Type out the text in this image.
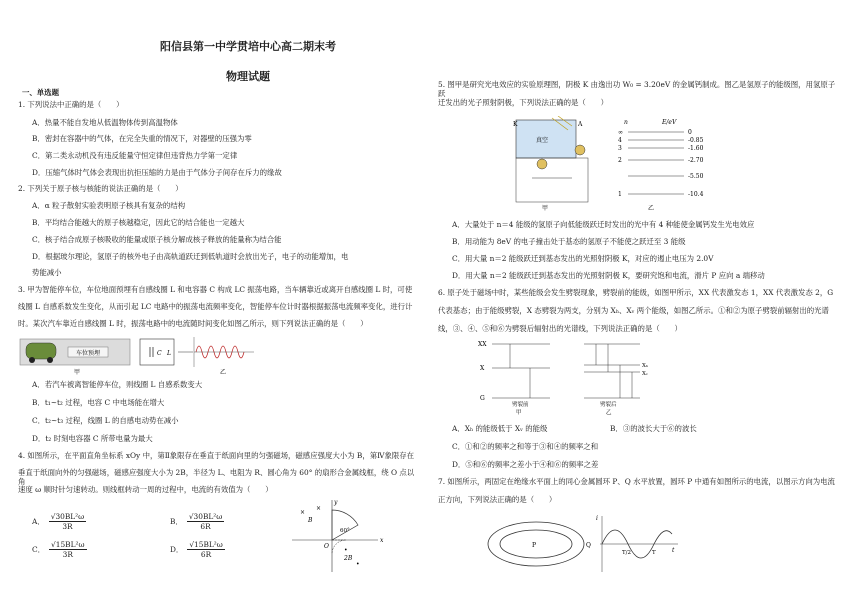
阳信县第一中学贯培中心高二期末考
物理试题
一、单选题
1. 下列说法中正确的是（　　）
A．热量不能自发地从低温物体传到高温物体
B．密封在容器中的气体，在完全失重的情况下，对器壁的压强为零
C．第二类永动机没有违反能量守恒定律但违背热力学第一定律
D．压缩气体时气体会表现出抗拒压缩的力是由于气体分子间存在斥力的缘故
2. 下列关于原子核与核能的说法正确的是（　　）
A．α 粒子散射实验表明原子核具有复杂的结构
B．平均结合能越大的原子核越稳定，因此它的结合能也一定越大
C．核子结合成原子核吸收的能量或原子核分解成核子释放的能量称为结合能
D．根据玻尔理论，氢原子的核外电子由高轨道跃迁到低轨道时会放出光子，电子的动能增加，电
势能减小
3. 甲为智能停车位，车位地面预埋有自感线圈 L 和电容器 C 构成 LC 振荡电路，当车辆靠近或离开自感线圈 L 时，可使
线圈 L 自感系数发生变化，从而引起 LC 电路中的振荡电流频率变化，智能停车位计时器根据振荡电流频率变化，进行计
时。某次汽车靠近自感线圈 L 时，振荡电路中的电流随时间变化如图乙所示，则下列说法正确的是（　　）
车位预埋	C L
甲	乙
A．若汽车被离智能停车位，则线圈 L 自感系数变大
B．t₁~t₂ 过程，电容 C 中电场能在增大
C．t₂~t₃ 过程，线圈 L 的自感电动势在减小
D．t₂ 时刻电容器 C 所带电量为最大
4. 如图所示，在平面直角坐标系 xOy 中，第Ⅱ象限存在垂直于纸面向里的匀强磁场，磁感应强度大小为 B，第Ⅳ象限存在
垂直于纸面向外的匀强磁场，磁感应强度大小为 2B，半径为 L、电阻为 R、圆心角为 60° 的扇形合金属线框，绕 O 点以角
速度 ω 顺时针匀速转动。则线框转动一周的过程中，电流的有效值为（　　）
A． $\frac{\text{√30BL²ω}}{3R}$	B． $\frac{\text{√30BL²ω}}{6R}$
C． $\frac{\text{√15BL²ω}}{3R}$	D． $\frac{\text{√15BL²ω}}{6R}$	x
y
O
B
2B
60°
×
×
•
•
5. 图甲是研究光电效应的实验原理图，阴极 K 由逸出功 W₀ = 3.20eV 的金属钙制成。图乙是氢原子的能级图，用氢原子跃
迁发出的光子照射阴极，下列说法正确的是（　　）
真空
K	A
甲
n	E/eV
∞	0
4	-0.85
3	-1.60
2	-2.70
-5.50
1	-10.4
乙
A．大量处于 n＝4 能级的氢原子向低能级跃迁时发出的光中有 4 种能使金属钙发生光电效应
B．用动能为 8eV 的电子撞击处于基态的氢原子不能使之跃迁至 3 能级
C．用大量 n＝2 能级跃迁到基态发出的光照射阴极 K，对应的遏止电压为 2.0V
D．用大量 n＝2 能级跃迁到基态发出的光照射阴极 K，要研究饱和电流，滑片 P 应向 a 端移动
6. 原子处于磁场中时，某些能级会发生劈裂现象，劈裂前的能级，如图甲所示，XX 代表激发态 1，XX 代表激发态 2，G
代表基态；由于能级劈裂，X 态劈裂为两支，分别为 Xₕ、Xᵥ 两个能级，如图乙所示。①和②为原子劈裂前辐射出的光谱
线，③、④、⑤和⑥为劈裂后辐射出的光谱线，下列说法正确的是（　　）
XX
X
G
劈裂前
甲
Xₕ
Xᵥ
劈裂后
乙
A．Xₕ 的能级低于 Xᵥ 的能级	B．③的波长大于⑥的波长
C．①和②的频率之和等于③和④的频率之和
D．⑤和⑥的频率之差小于④和⑥的频率之差
7. 如图所示，两固定在绝缘水平面上的同心金属圆环 P、Q 水平放置，圆环 P 中通有如图所示的电流，以图示方向为电流
正方向，下列说法正确的是（　　）
P	Q
i
T/2	T	t
